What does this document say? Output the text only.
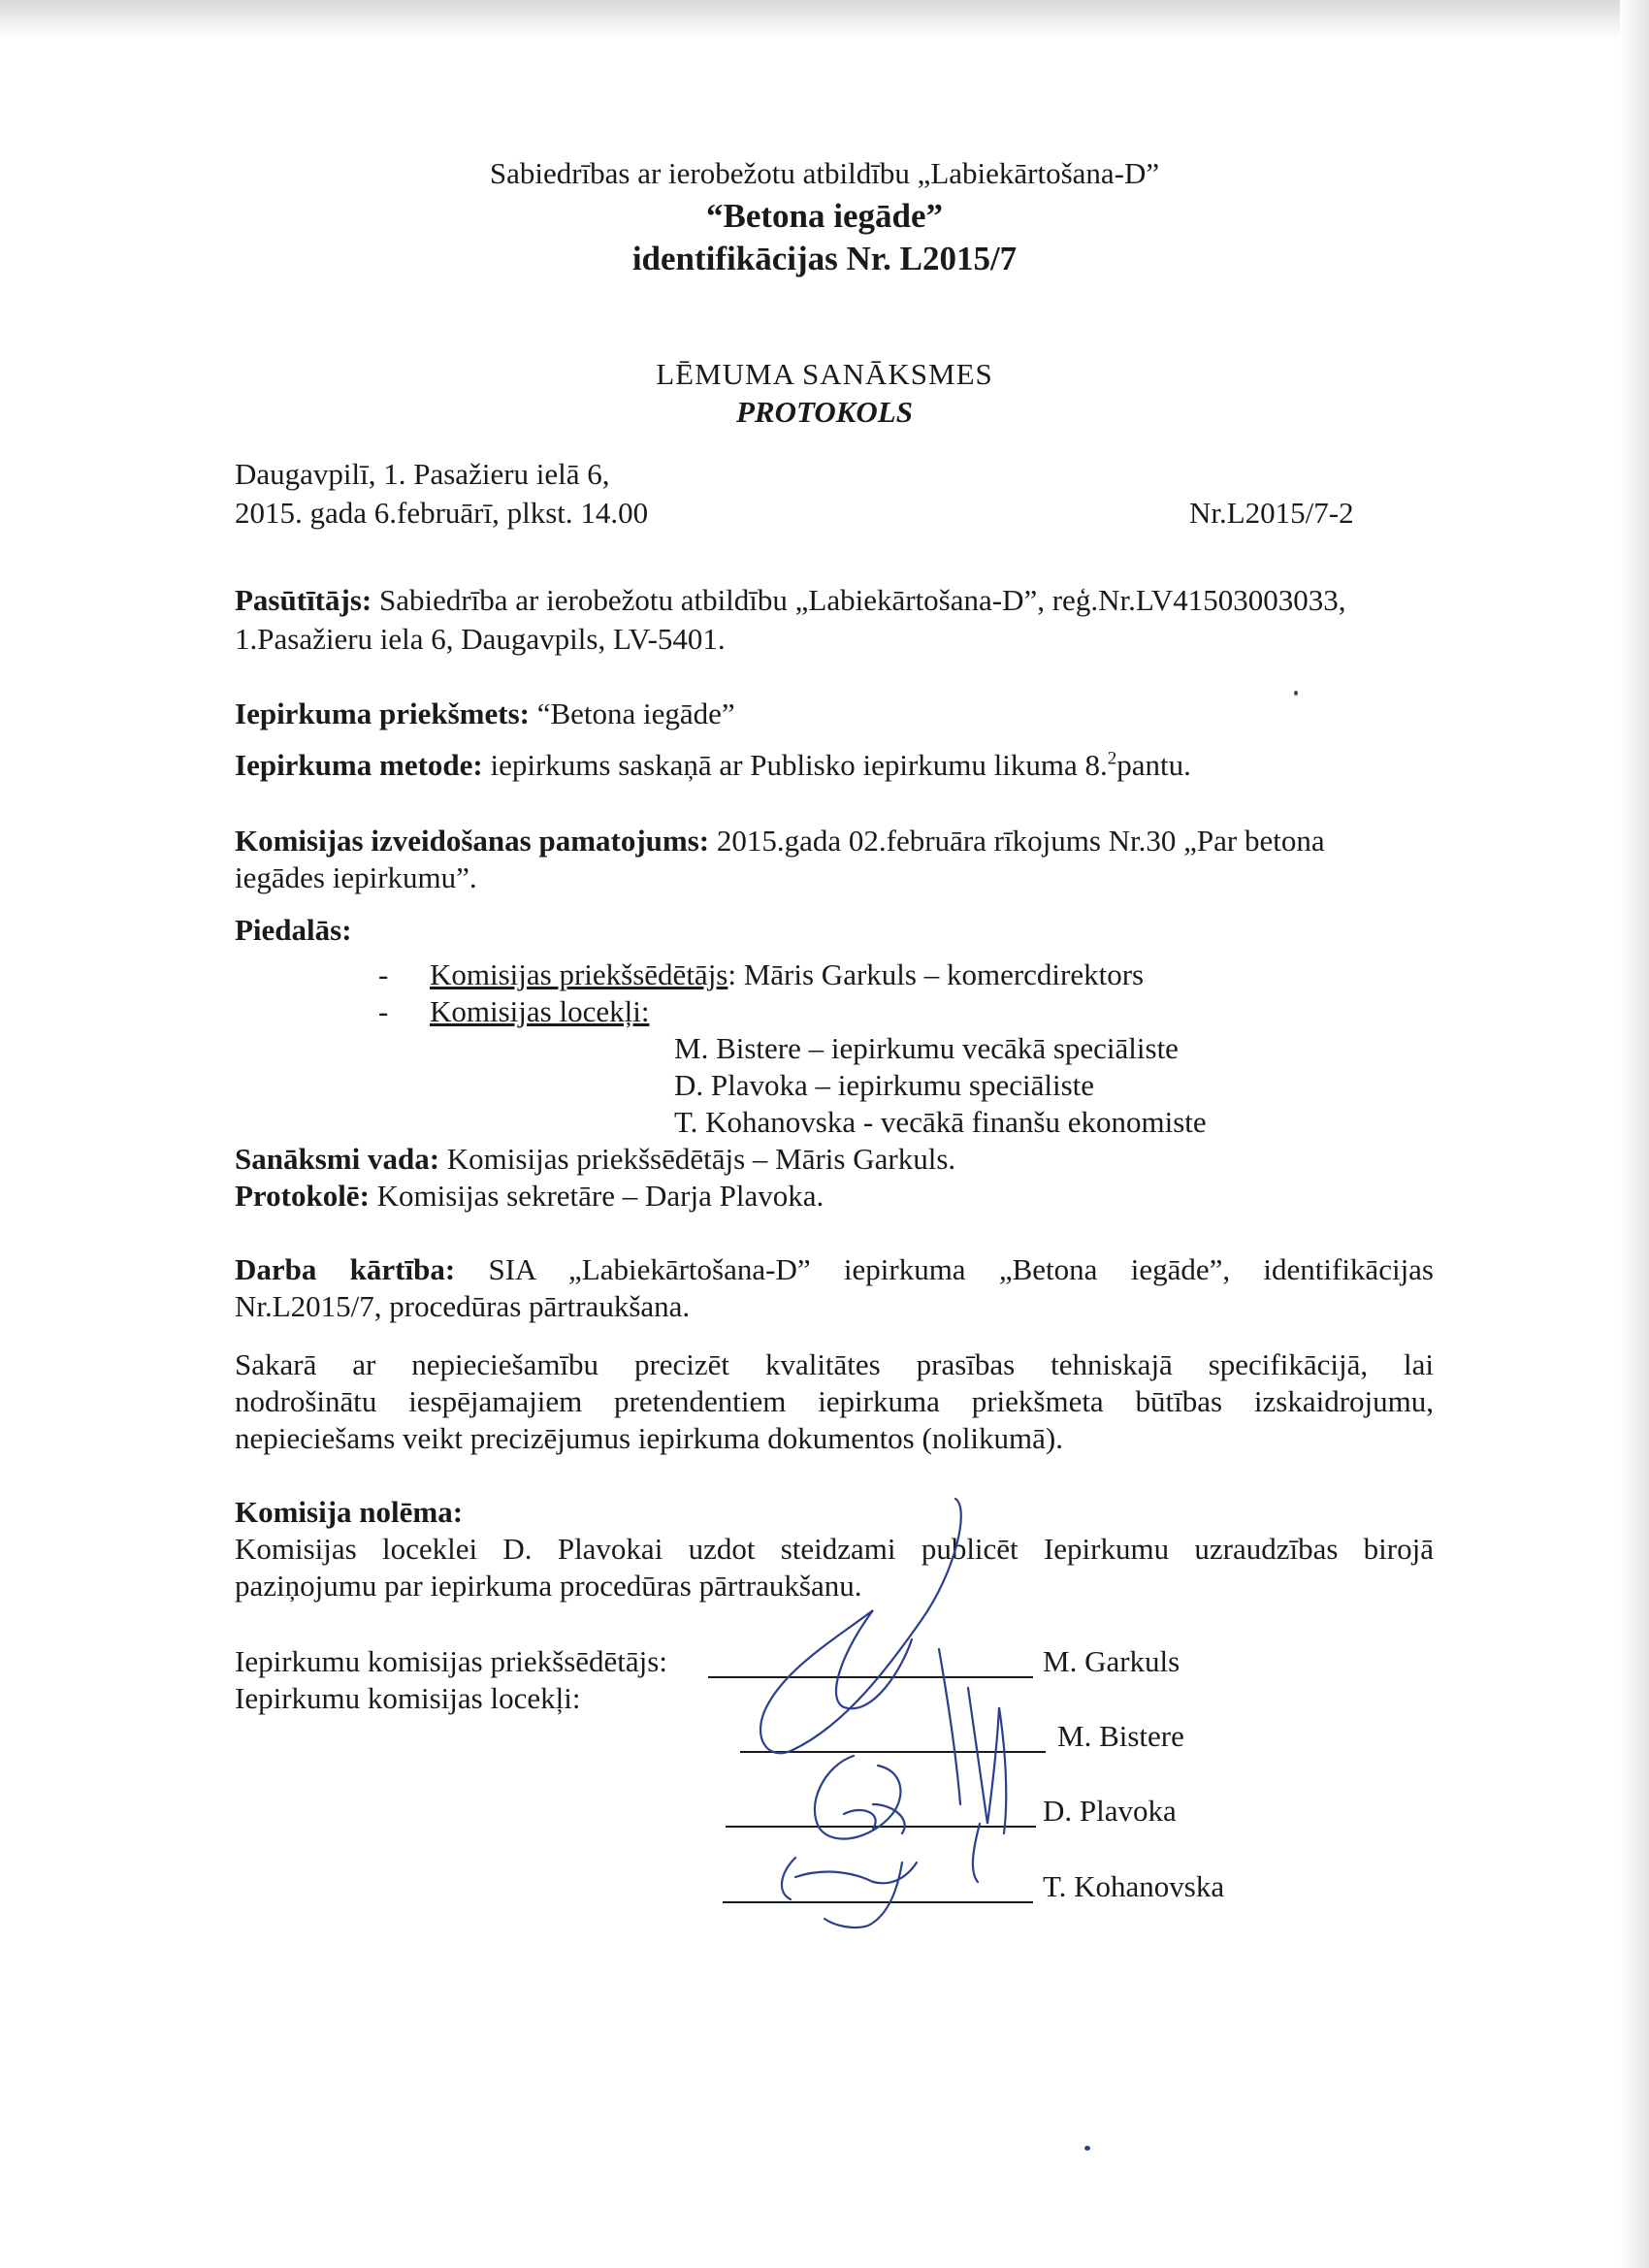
Sabiedrības ar ierobežotu atbildību „Labiekārtošana-D”
“Betona iegāde”
identifikācijas Nr. L2015/7
LĒMUMA SANĀKSMES
PROTOKOLS
Daugavpilī, 1. Pasažieru ielā 6,
2015. gada 6.februārī, plkst. 14.00	Nr.L2015/7-2
Pasūtītājs: Sabiedrība ar ierobežotu atbildību „Labiekārtošana-D”, reģ.Nr.LV41503003033,
1.Pasažieru iela 6, Daugavpils, LV-5401.
Iepirkuma priekšmets: “Betona iegāde”
Iepirkuma metode: iepirkums saskaņā ar Publisko iepirkumu likuma 8.$^2$pantu.
Komisijas izveidošanas pamatojums: 2015.gada 02.februāra rīkojums Nr.30 „Par betona
iegādes iepirkumu”.
Piedalās:
- Komisijas priekšsēdētājs: Māris Garkuls – komercdirektors
- Komisijas locekļi:
M. Bistere – iepirkumu vecākā speciāliste
D. Plavoka – iepirkumu speciāliste
T. Kohanovska - vecākā finanšu ekonomiste
Sanāksmi vada: Komisijas priekšsēdētājs – Māris Garkuls.
Protokolē: Komisijas sekretāre – Darja Plavoka.
Darba kārtība: SIA „Labiekārtošana-D” iepirkuma „Betona iegāde”, identifikācijas
Nr.L2015/7, procedūras pārtraukšana.
Sakarā ar nepieciešamību precizēt kvalitātes prasības tehniskajā specifikācijā, lai
nodrošinātu iespējamajiem pretendentiem iepirkuma priekšmeta būtības izskaidrojumu,
nepieciešams veikt precizējumus iepirkuma dokumentos (nolikumā).
Komisija nolēma:
Komisijas loceklei D. Plavokai uzdot steidzami publicēt Iepirkumu uzraudzības birojā
paziņojumu par iepirkuma procedūras pārtraukšanu.
Iepirkumu komisijas priekšsēdētājs:
Iepirkumu komisijas locekļi:
M. Garkuls
M. Bistere
D. Plavoka
T. Kohanovska
